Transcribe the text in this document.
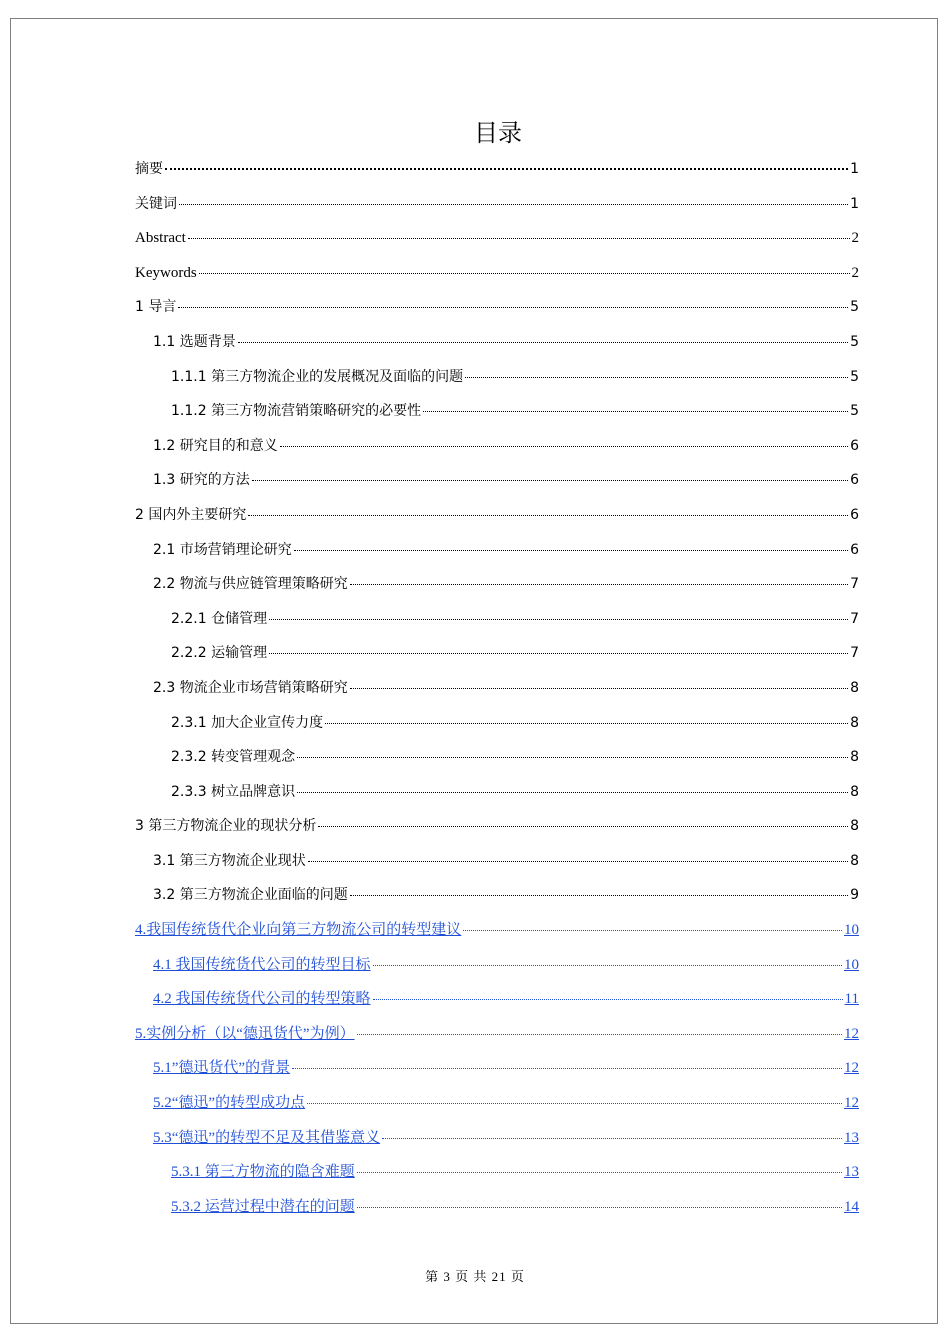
第 3 页 共 21 页
目录
摘要	1
关键词	1
Abstract	2
Keywords	2
1 导言	5
1.1 选题背景	5
1.1.1 第三方物流企业的发展概况及面临的问题	5
1.1.2 第三方物流营销策略研究的必要性	5
1.2 研究目的和意义	6
1.3 研究的方法	6
2 国内外主要研究	6
2.1 市场营销理论研究	6
2.2 物流与供应链管理策略研究	7
2.2.1 仓储管理	7
2.2.2 运输管理	7
2.3 物流企业市场营销策略研究	8
2.3.1 加大企业宣传力度	8
2.3.2 转变管理观念	8
2.3.3 树立品牌意识	8
3 第三方物流企业的现状分析	8
3.1 第三方物流企业现状	8
3.2 第三方物流企业面临的问题	9
4.我国传统货代企业向第三方物流公司的转型建议	10
4.1 我国传统货代公司的转型目标	10
4.2 我国传统货代公司的转型策略	11
5.实例分析（以“德迅货代”为例）	12
5.1”德迅货代”的背景	12
5.2“德迅”的转型成功点	12
5.3“德迅”的转型不足及其借鉴意义	13
5.3.1 第三方物流的隐含难题	13
5.3.2 运营过程中潜在的问题	14
